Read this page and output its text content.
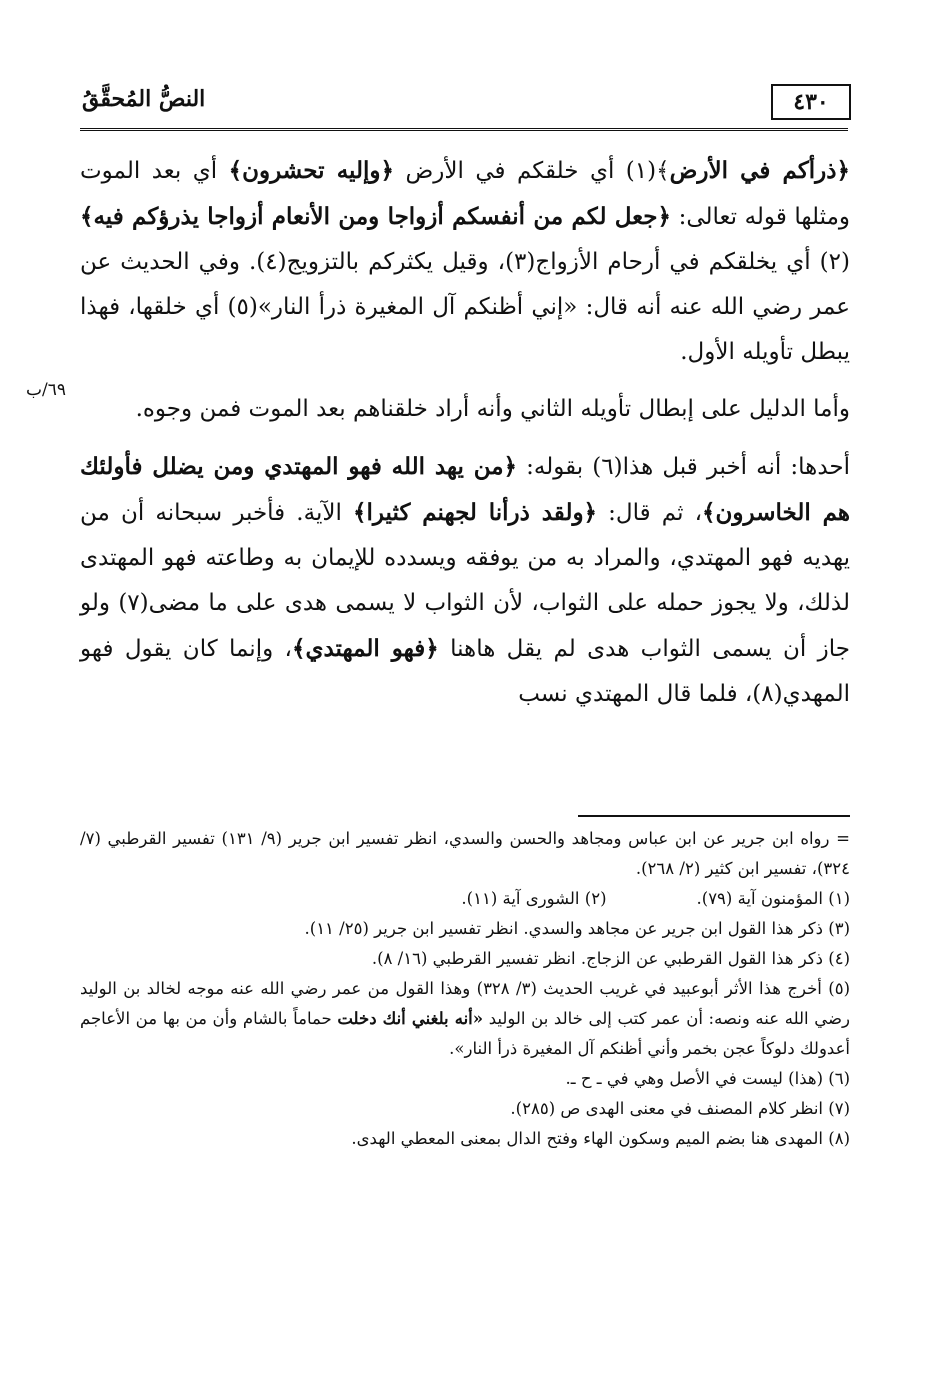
٤٣٠
النصُّ المُحقَّقُ
٦٩/ب

﴿ذرأكم في الأرض﴾(١) أي خلقكم في الأرض ﴿وإليه تحشرون﴾ أي بعد الموت ومثلها قوله تعالى: ﴿جعل لكم من أنفسكم أزواجا ومن الأنعام أزواجا يذرؤكم فيه﴾(٢) أي يخلقكم في أرحام الأزواج(٣)، وقيل يكثركم بالتزويج(٤). وفي الحديث عن عمر رضي الله عنه أنه قال: «إني أظنكم آل المغيرة ذرأ النار»(٥) أي خلقها، فهذا يبطل تأويله الأول.

وأما الدليل على إبطال تأويله الثاني وأنه أراد خلقناهم بعد الموت فمن وجوه.

أحدها: أنه أخبر قبل هذا(٦) بقوله: ﴿من يهد الله فهو المهتدي ومن يضلل فأولئك هم الخاسرون﴾، ثم قال: ﴿ولقد ذرأنا لجهنم كثيرا﴾ الآية. فأخبر سبحانه أن من يهديه فهو المهتدي، والمراد به من يوفقه ويسدده للإيمان به وطاعته فهو المهتدى لذلك، ولا يجوز حمله على الثواب، لأن الثواب لا يسمى هدى على ما مضى(٧) ولو جاز أن يسمى الثواب هدى لم يقل هاهنا ﴿فهو المهتدي﴾، وإنما كان يقول فهو المهدي(٨)، فلما قال المهتدي نسب

= رواه ابن جرير عن ابن عباس ومجاهد والحسن والسدي، انظر تفسير ابن جرير (٩/ ١٣١) تفسير القرطبي (٧/ ٣٢٤)، تفسير ابن كثير (٢/ ٢٦٨).

(١) المؤمنون آية (٧٩).
(٢) الشورى آية (١١).

(٣) ذكر هذا القول ابن جرير عن مجاهد والسدي. انظر تفسير ابن جرير (٢٥/ ١١).

(٤) ذكر هذا القول القرطبي عن الزجاج. انظر تفسير القرطبي (١٦/ ٨).

(٥) أخرج هذا الأثر أبوعبيد في غريب الحديث (٣/ ٣٢٨) وهذا القول من عمر رضي الله عنه موجه لخالد بن الوليد رضي الله عنه ونصه: أن عمر كتب إلى خالد بن الوليد «أنه بلغني أنك دخلت حماماً بالشام وأن من بها من الأعاجم أعدولك دلوكاً عجن بخمر وأني أظنكم آل المغيرة ذرأ النار».

(٦) (هذا) ليست في الأصل وهي في ـ ح ـ.

(٧) انظر كلام المصنف في معنى الهدى ص (٢٨٥).

(٨) المهدى هنا بضم الميم وسكون الهاء وفتح الدال بمعنى المعطي الهدى.
